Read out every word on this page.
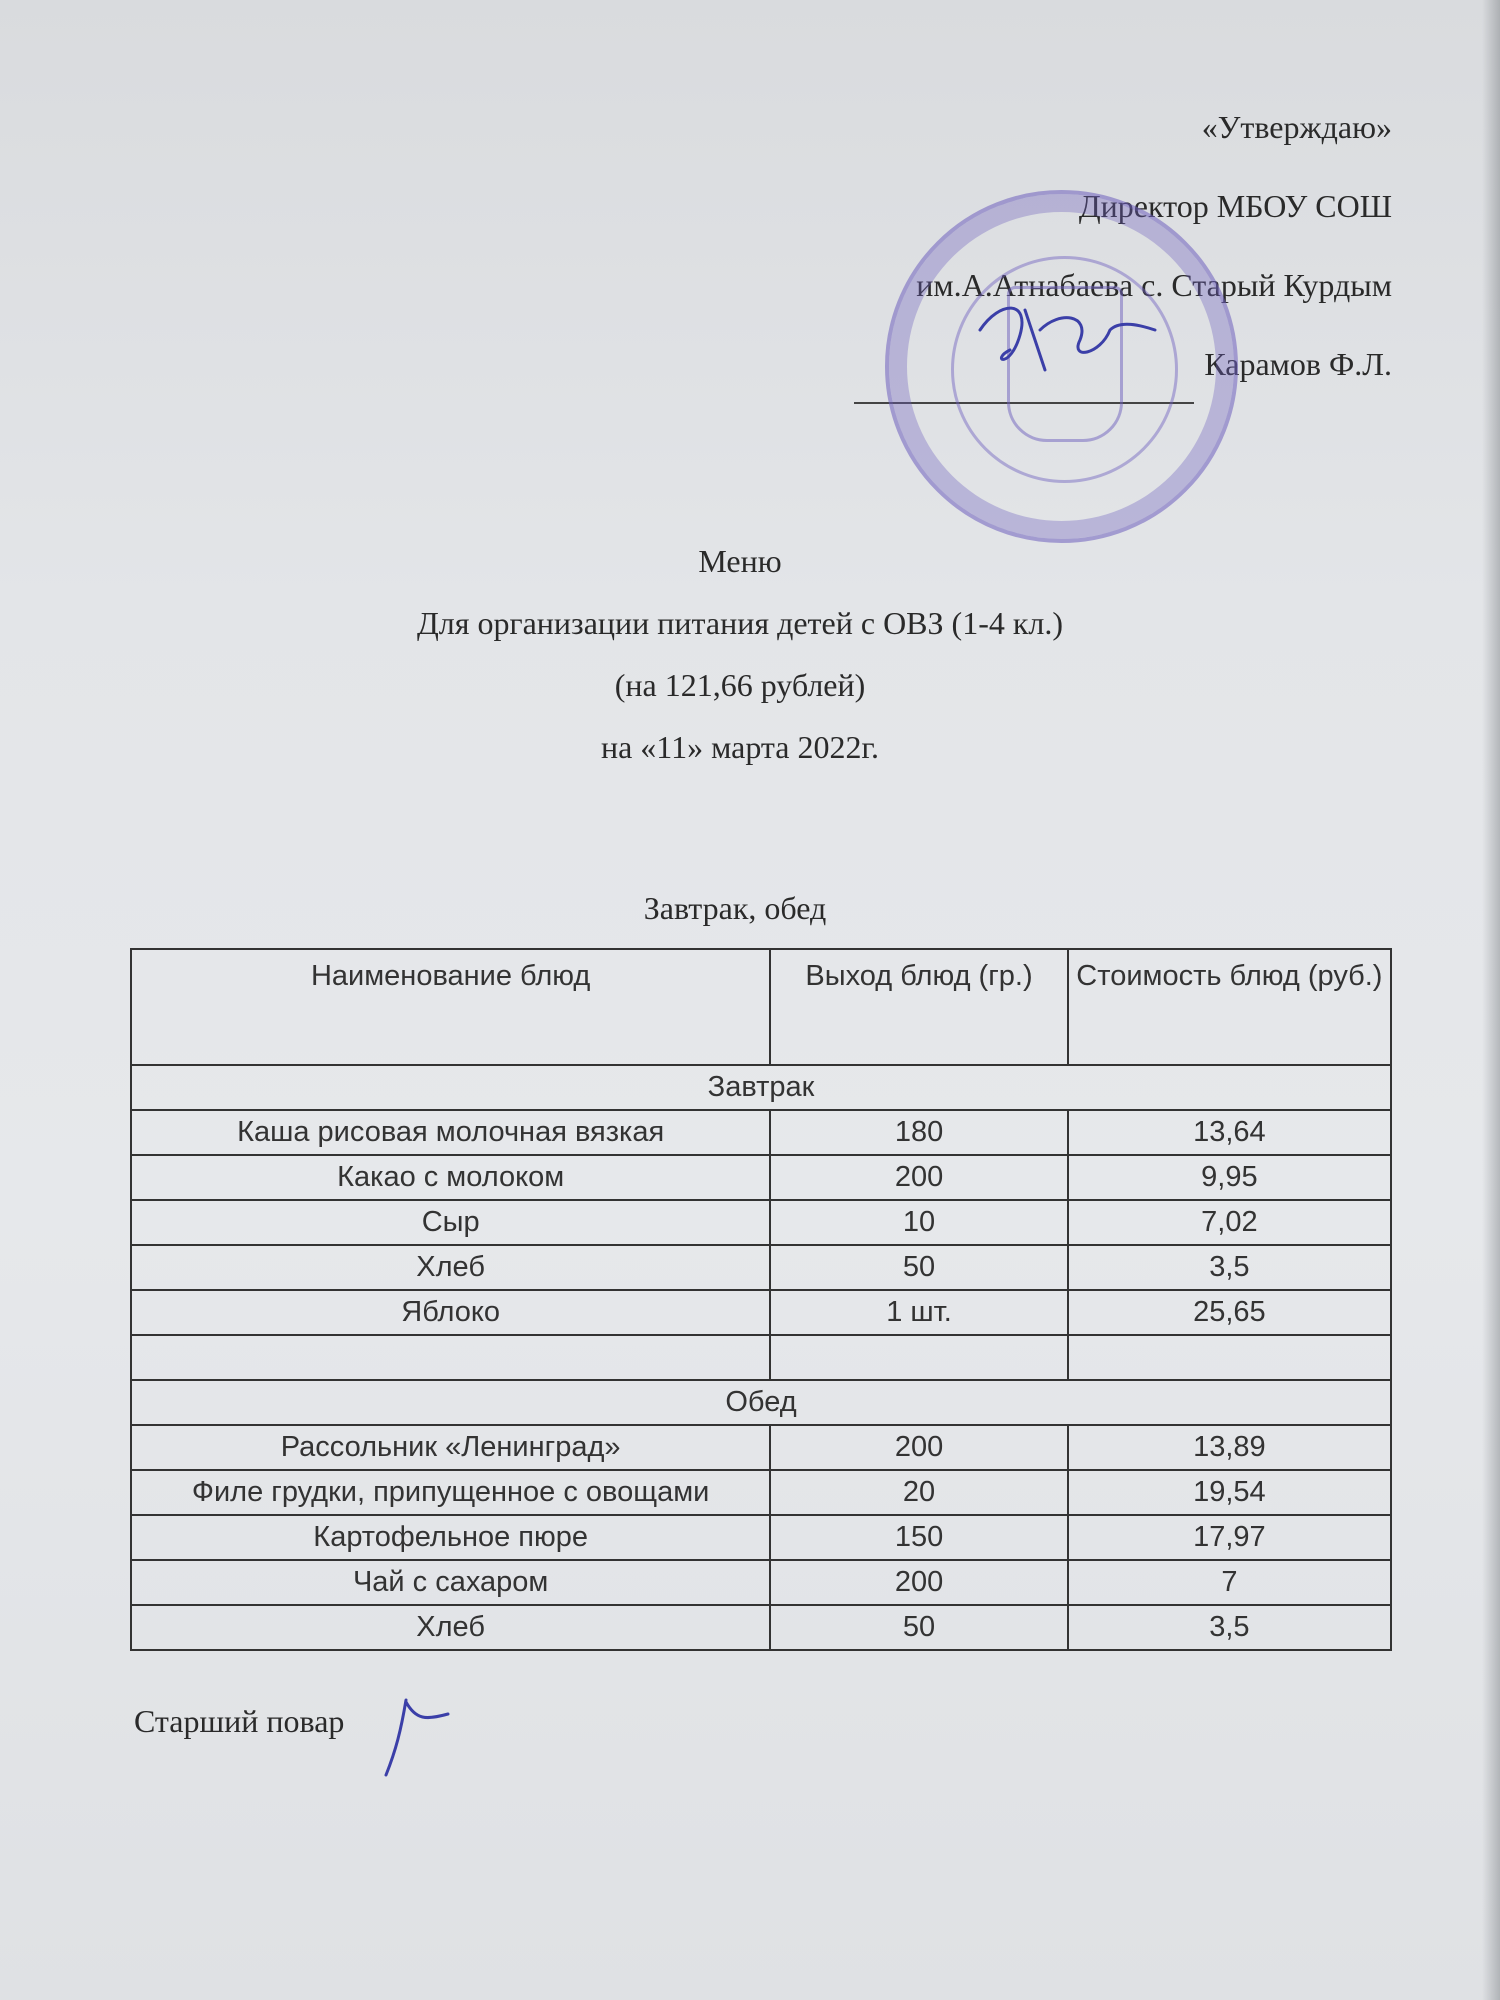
«Утверждаю»
Директор МБОУ СОШ
им.А.Атнабаева с. Старый Курдым
Карамов Ф.Л.
Меню
Для организации питания детей с ОВЗ (1-4 кл.)
(на 121,66 рублей)
на «11» марта 2022г.
Завтрак, обед
Наименование блюд	Выход блюд (гр.)	Стоимость блюд (руб.)
Завтрак		
Каша рисовая молочная вязкая	180	13,64
Какао с молоком	200	9,95
Сыр	10	7,02
Хлеб	50	3,5
Яблоко	1 шт.	25,65

Обед		
Рассольник «Ленинград»	200	13,89
Филе грудки, припущенное с овощами	20	19,54
Картофельное пюре	150	17,97
Чай с сахаром	200	7
Хлеб	50	3,5
Старший повар
